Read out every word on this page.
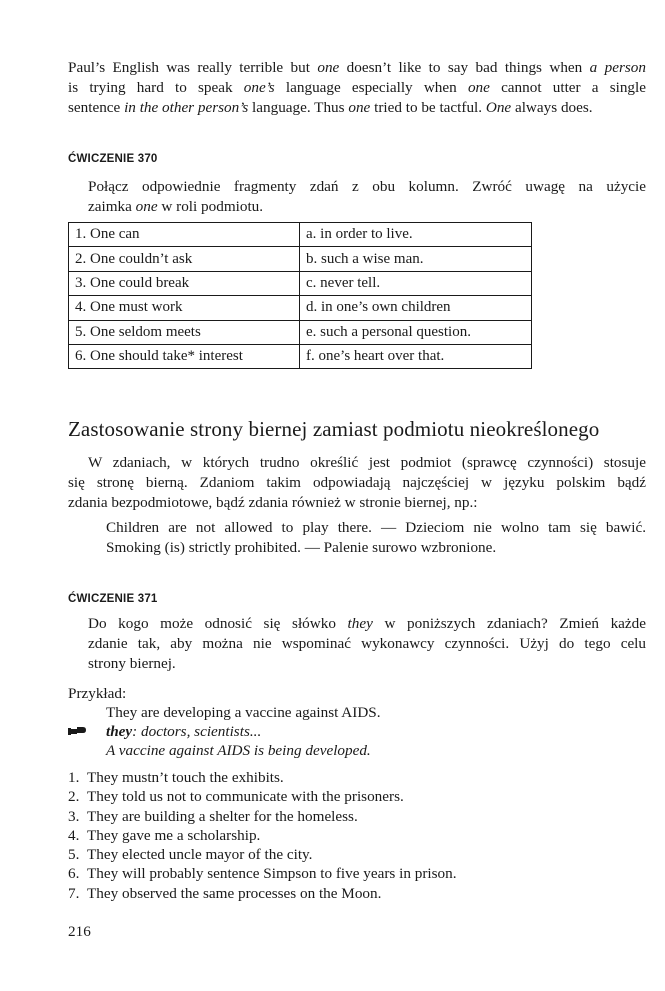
Paul’s English was really terrible but one doesn’t like to say bad things when a person
is trying hard to speak one’s language especially when one cannot utter a single
sentence in the other person’s language. Thus one tried to be tactful. One always does.
ĆWICZENIE 370
Połącz odpowiednie fragmenty zdań z obu kolumn. Zwróć uwagę na użycie
zaimka one w roli podmiotu.
1. One can	a. in order to live.
2. One couldn’t ask	b. such a wise man.
3. One could break	c. never tell.
4. One must work	d. in one’s own children
5. One seldom meets	e. such a personal question.
6. One should take* interest	f. one’s heart over that.
Zastosowanie strony biernej zamiast podmiotu nieokreślonego
W zdaniach, w których trudno określić jest podmiot (sprawcę czynności) stosuje
się stronę bierną. Zdaniom takim odpowiadają najczęściej w języku polskim bądź
zdania bezpodmiotowe, bądź zdania również w stronie biernej, np.:
Children are not allowed to play there. — Dzieciom nie wolno tam się bawić.
Smoking (is) strictly prohibited. — Palenie surowo wzbronione.
ĆWICZENIE 371
Do kogo może odnosić się słówko they w poniższych zdaniach? Zmień każde
zdanie tak, aby można nie wspominać wykonawcy czynności. Użyj do tego celu
strony biernej.
Przykład:
They are developing a vaccine against AIDS.
they: doctors, scientists...
A vaccine against AIDS is being developed.
1. They mustn’t touch the exhibits.
2. They told us not to communicate with the prisoners.
3. They are building a shelter for the homeless.
4. They gave me a scholarship.
5. They elected uncle mayor of the city.
6. They will probably sentence Simpson to five years in prison.
7. They observed the same processes on the Moon.
216
